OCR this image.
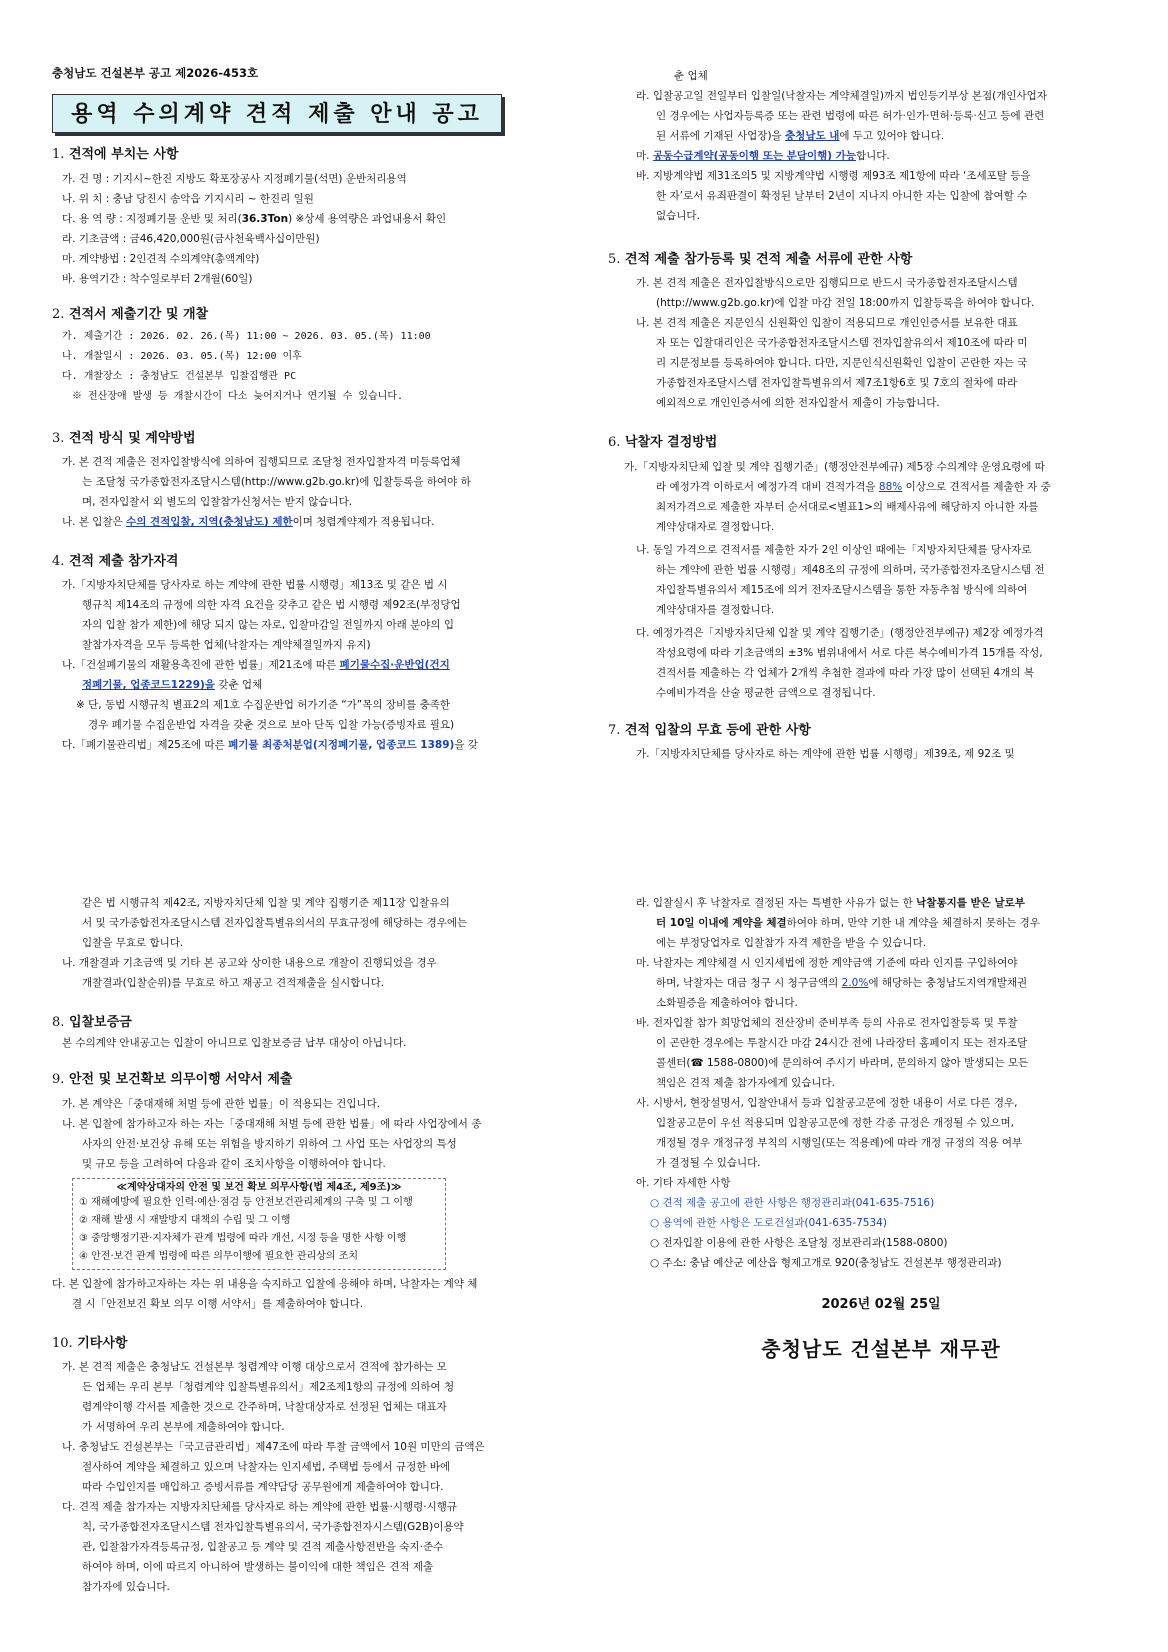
충청남도 건설본부 공고 제2026-453호

용역 수의계약 견적 제출 안내 공고

1. 견적에 부치는 사항

가. 건 명 : 기지시~한진 지방도 확포장공사 지정폐기물(석면) 운반처리용역

나. 위 치 : 충남 당진시 송악읍 기지시리 ~ 한진리 일원

다. 용 역 량 : 지정폐기물 운반 및 처리(36.3Ton) ※상세 용역량은 과업내용서 확인

라. 기초금액 : 금46,420,000원(금사천육백사십이만원)

마. 계약방법 : 2인견적 수의계약(총액계약)

바. 용역기간 : 착수일로부터 2개월(60일)

2. 견적서 제출기간 및 개찰

가. 제출기간 : 2026. 02. 26.(목) 11:00 ~ 2026. 03. 05.(목) 11:00

나. 개찰일시 : 2026. 03. 05.(목) 12:00 이후

다. 개찰장소 : 충청남도 건설본부 입찰집행관 PC

※ 전산장애 발생 등 개찰시간이 다소 늦어지거나 연기될 수 있습니다.

3. 견적 방식 및 계약방법

가. 본 견적 제출은 전자입찰방식에 의하여 집행되므로 조달청 전자입찰자격 미등록업체

는 조달청 국가종합전자조달시스템(http://www.g2b.go.kr)에 입찰등록을 하여야 하

며, 전자입찰서 외 별도의 입찰참가신청서는 받지 않습니다.

나. 본 입찰은 수의 견적입찰, 지역(충청남도) 제한이며 청렴계약제가 적용됩니다.

4. 견적 제출 참가자격

가.「지방자치단체를 당사자로 하는 계약에 관한 법률 시행령」제13조 및 같은 법 시

행규칙 제14조의 규정에 의한 자격 요건을 갖추고 같은 법 시행령 제92조(부정당업

자의 입찰 참가 제한)에 해당 되지 않는 자로, 입찰마감일 전일까지 아래 분야의 입

찰참가자격을 모두 등록한 업체(낙찰자는 계약체결일까지 유지)

나.「건설폐기물의 재활용촉진에 관한 법률」제21조에 따른 폐기물수집·운반업(건지

정폐기물, 업종코드1229)을 갖춘 업체

※ 단, 동법 시행규칙 별표2의 제1호 수집운반업 허가기준 “가”목의 장비를 충족한

경우 폐기물 수집운반업 자격을 갖춘 것으로 보아 단독 입찰 가능(증빙자료 필요)

다.「폐기물관리법」제25조에 따른 폐기물 최종처분업(지정폐기물, 업종코드 1389)을 갖

춘 업체

라. 입찰공고일 전일부터 입찰일(낙찰자는 계약체결일)까지 법인등기부상 본점(개인사업자

인 경우에는 사업자등록증 또는 관련 법령에 따른 허가·인가·면허·등록·신고 등에 관련

된 서류에 기재된 사업장)을 충청남도 내에 두고 있어야 합니다.

마. 공동수급계약(공동이행 또는 분담이행) 가능합니다.

바. 지방계약법 제31조의5 및 지방계약법 시행령 제93조 제1항에 따라 ‘조세포탈 등을

한 자’로서 유죄판결이 확정된 날부터 2년이 지나지 아니한 자는 입찰에 참여할 수

없습니다.

5. 견적 제출 참가등록 및 견적 제출 서류에 관한 사항

가. 본 견적 제출은 전자입찰방식으로만 집행되므로 반드시 국가종합전자조달시스템

(http://www.g2b.go.kr)에 입찰 마감 전일 18:00까지 입찰등록을 하여야 합니다.

나. 본 견적 제출은 지문인식 신원확인 입찰이 적용되므로 개인인증서를 보유한 대표

자 또는 입찰대리인은 국가종합전자조달시스템 전자입찰유의서 제10조에 따라 미

리 지문정보를 등록하여야 합니다. 다만, 지문인식신원확인 입찰이 곤란한 자는 국

가종합전자조달시스템 전자입찰특별유의서 제7조1항6호 및 7호의 절차에 따라

예외적으로 개인인증서에 의한 전자입찰서 제출이 가능합니다.

6. 낙찰자 결정방법

가.「지방자치단체 입찰 및 계약 집행기준」(행정안전부예규) 제5장 수의계약 운영요령에 따

라 예정가격 이하로서 예정가격 대비 견적가격을 88% 이상으로 견적서를 제출한 자 중

최저가격으로 제출한 자부터 순서대로<별표1>의 배제사유에 해당하지 아니한 자를

계약상대자로 결정합니다.

나. 동일 가격으로 견적서를 제출한 자가 2인 이상인 때에는「지방자치단체를 당사자로

하는 계약에 관한 법률 시행령」제48조의 규정에 의하며, 국가종합전자조달시스템 전

자입찰특별유의서 제15조에 의거 전자조달시스템을 통한 자동추첨 방식에 의하여

계약상대자를 결정합니다.

다. 예정가격은「지방자치단체 입찰 및 계약 집행기준」(행정안전부예규) 제2장 예정가격

작성요령에 따라 기초금액의 ±3% 범위내에서 서로 다른 복수예비가격 15개를 작성,

견적서를 제출하는 각 업체가 2개씩 추첨한 결과에 따라 가장 많이 선택된 4개의 복

수예비가격을 산술 평균한 금액으로 결정됩니다.

7. 견적 입찰의 무효 등에 관한 사항

가.「지방자치단체를 당사자로 하는 계약에 관한 법률 시행령」제39조, 제 92조 및

같은 법 시행규칙 제42조, 지방자치단체 입찰 및 계약 집행기준 제11장 입찰유의

서 및 국가종합전자조달시스템 전자입찰특별유의서의 무효규정에 해당하는 경우에는

입찰을 무효로 합니다.

나. 개찰결과 기초금액 및 기타 본 공고와 상이한 내용으로 개찰이 진행되었을 경우

개찰결과(입찰순위)를 무효로 하고 재공고 견적제출을 실시합니다.

8. 입찰보증금

본 수의계약 안내공고는 입찰이 아니므로 입찰보증금 납부 대상이 아닙니다.

9. 안전 및 보건확보 의무이행 서약서 제출

가. 본 계약은「중대재해 처벌 등에 관한 법률」이 적용되는 건입니다.

나. 본 입찰에 참가하고자 하는 자는「중대재해 처벌 등에 관한 법률」에 따라 사업장에서 종

사자의 안전·보건상 유해 또는 위험을 방지하기 위하여 그 사업 또는 사업장의 특성

및 규모 등을 고려하여 다음과 같이 조치사항을 이행하여야 합니다.

≪계약상대자의 안전 및 보건 확보 의무사항(법 제4조, 제9조)≫

① 재해예방에 필요한 인력·예산·점검 등 안전보건관리체계의 구축 및 그 이행

② 재해 발생 시 재발방지 대책의 수립 및 그 이행

③ 중앙행정기관·지자체가 관계 법령에 따라 개선, 시정 등을 명한 사항 이행

④ 안전·보건 관계 법령에 따른 의무이행에 필요한 관리상의 조치

다. 본 입찰에 참가하고자하는 자는 위 내용을 숙지하고 입찰에 응해야 하며, 낙찰자는 계약 체

결 시「안전보건 확보 의무 이행 서약서」를 제출하여야 합니다.

10. 기타사항

가. 본 견적 제출은 충청남도 건설본부 청렴계약 이행 대상으로서 견적에 참가하는 모

든 업체는 우리 본부「청렴계약 입찰특별유의서」제2조제1항의 규정에 의하여 청

렴계약이행 각서를 제출한 것으로 간주하며, 낙찰대상자로 선정된 업체는 대표자

가 서명하여 우리 본부에 제출하여야 합니다.

나. 충청남도 건설본부는「국고금관리법」제47조에 따라 투찰 금액에서 10원 미만의 금액은

절사하여 계약을 체결하고 있으며 낙찰자는 인지세법, 주택법 등에서 규정한 바에

따라 수입인지를 매입하고 증빙서류를 계약담당 공무원에게 제출하여야 합니다.

다. 견적 제출 참가자는 지방자치단체를 당사자로 하는 계약에 관한 법률·시행령·시행규

칙, 국가종합전자조달시스템 전자입찰특별유의서, 국가종합전자시스템(G2B)이용약

관, 입찰참가자격등록규정, 입찰공고 등 계약 및 견적 제출사항전반을 숙지·준수

하여야 하며, 이에 따르지 아니하여 발생하는 불이익에 대한 책임은 견적 제출

참가자에 있습니다.

라. 입찰실시 후 낙찰자로 결정된 자는 특별한 사유가 없는 한 낙찰통지를 받은 날로부

터 10일 이내에 계약을 체결하여야 하며, 만약 기한 내 계약을 체결하지 못하는 경우

에는 부정당업자로 입찰참가 자격 제한을 받을 수 있습니다.

마. 낙찰자는 계약체결 시 인지세법에 정한 계약금액 기준에 따라 인지를 구입하여야

하며, 낙찰자는 대금 청구 시 청구금액의 2.0%에 해당하는 충청남도지역개발채권

소화필증을 제출하여야 합니다.

바. 전자입찰 참가 희망업체의 전산장비 준비부족 등의 사유로 전자입찰등록 및 투찰

이 곤란한 경우에는 투찰시간 마감 24시간 전에 나라장터 홈페이지 또는 전자조달

콜센터(☎ 1588-0800)에 문의하여 주시기 바라며, 문의하지 않아 발생되는 모든

책임은 견적 제출 참가자에게 있습니다.

사. 시방서, 현장설명서, 입찰안내서 등과 입찰공고문에 정한 내용이 서로 다른 경우,

입찰공고문이 우선 적용되며 입찰공고문에 정한 각종 규정은 개정될 수 있으며,

개정될 경우 개정규정 부칙의 시행일(또는 적용례)에 따라 개정 규정의 적용 여부

가 결정될 수 있습니다.

아. 기타 자세한 사항

○ 견적 제출 공고에 관한 사항은 행정관리과(041-635-7516)

○ 용역에 관한 사항은 도로건설과(041-635-7534)

○ 전자입찰 이용에 관한 사항은 조달청 정보관리과(1588-0800)

○ 주소: 충남 예산군 예산읍 형제고개로 920(충청남도 건설본부 행정관리과)

2026년 02월 25일

충청남도 건설본부 재무관
